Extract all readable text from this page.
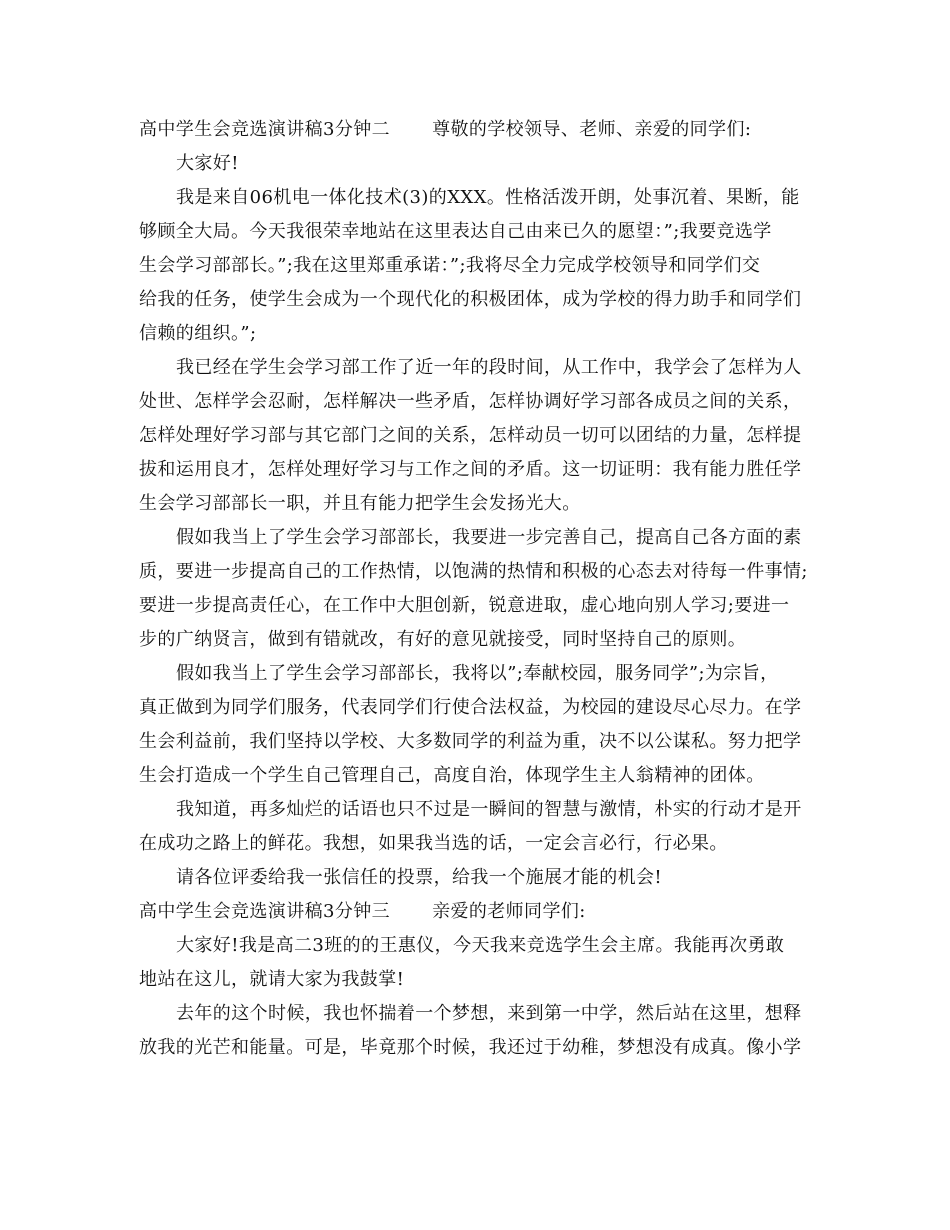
高中学生会竞选演讲稿3分钟二 尊敬的学校领导、老师、亲爱的同学们:
大家好!
我是来自06机电一体化技术(3)的XXX。性格活泼开朗，处事沉着、果断，能
够顾全大局。今天我很荣幸地站在这里表达自己由来已久的愿望：”;我要竞选学
生会学习部部长。”;我在这里郑重承诺：”;我将尽全力完成学校领导和同学们交
给我的任务，使学生会成为一个现代化的积极团体，成为学校的得力助手和同学们
信赖的组织。”;
我已经在学生会学习部工作了近一年的段时间，从工作中，我学会了怎样为人
处世、怎样学会忍耐，怎样解决一些矛盾，怎样协调好学习部各成员之间的关系，
怎样处理好学习部与其它部门之间的关系，怎样动员一切可以团结的力量，怎样提
拔和运用良才，怎样处理好学习与工作之间的矛盾。这一切证明：我有能力胜任学
生会学习部部长一职，并且有能力把学生会发扬光大。
假如我当上了学生会学习部部长，我要进一步完善自己，提高自己各方面的素
质，要进一步提高自己的工作热情，以饱满的热情和积极的心态去对待每一件事情;
要进一步提高责任心，在工作中大胆创新，锐意进取，虚心地向别人学习;要进一
步的广纳贤言，做到有错就改，有好的意见就接受，同时坚持自己的原则。
假如我当上了学生会学习部部长，我将以”;奉献校园，服务同学”;为宗旨，
真正做到为同学们服务，代表同学们行使合法权益，为校园的建设尽心尽力。在学
生会利益前，我们坚持以学校、大多数同学的利益为重，决不以公谋私。努力把学
生会打造成一个学生自己管理自己，高度自治，体现学生主人翁精神的团体。
我知道，再多灿烂的话语也只不过是一瞬间的智慧与激情，朴实的行动才是开
在成功之路上的鲜花。我想，如果我当选的话，一定会言必行，行必果。
请各位评委给我一张信任的投票，给我一个施展才能的机会!
高中学生会竞选演讲稿3分钟三 亲爱的老师同学们:
大家好!我是高二3班的的王惠仪，今天我来竞选学生会主席。我能再次勇敢
地站在这儿，就请大家为我鼓掌!
去年的这个时候，我也怀揣着一个梦想，来到第一中学，然后站在这里，想释
放我的光芒和能量。可是，毕竟那个时候，我还过于幼稚，梦想没有成真。像小学
